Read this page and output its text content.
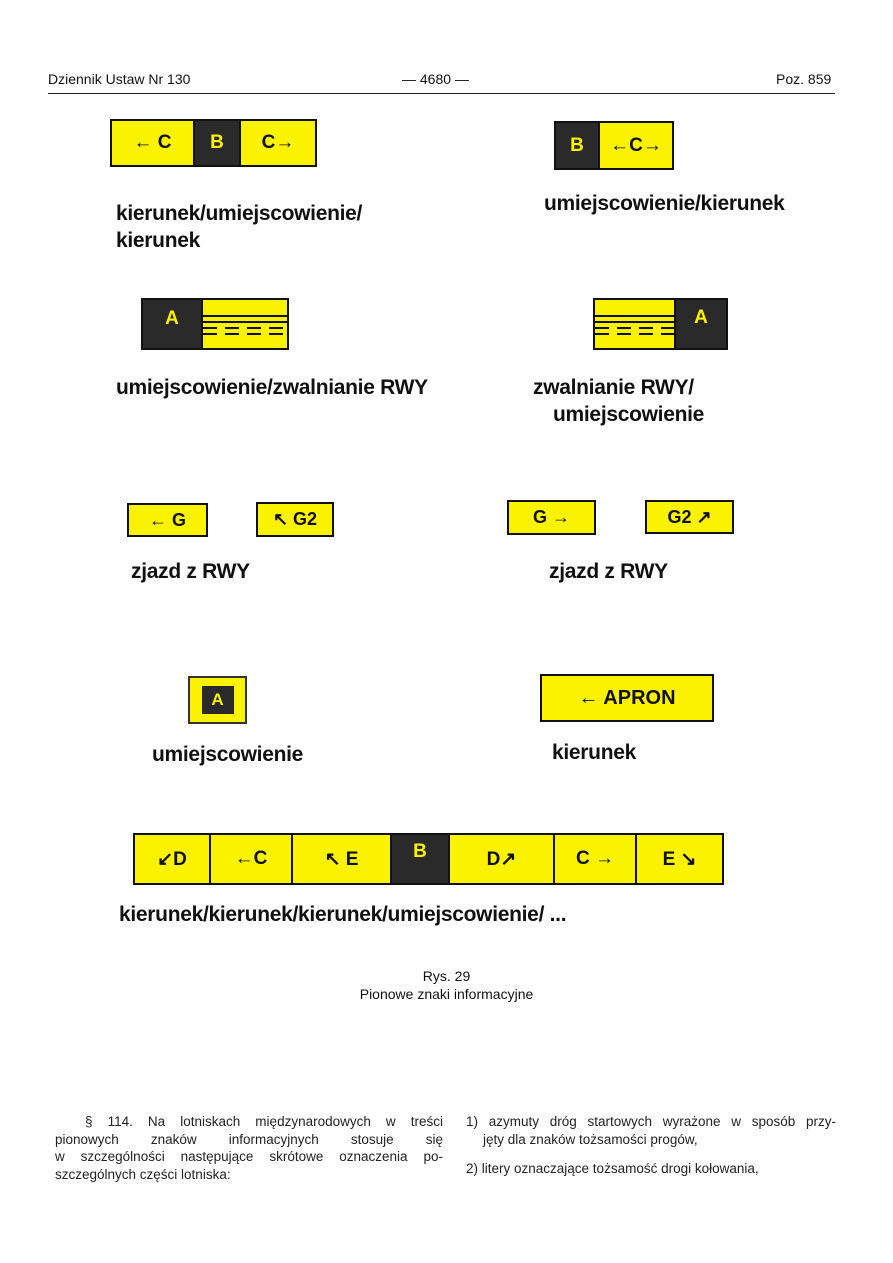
Dziennik Ustaw Nr 130	— 4680 —	Poz. 859
← C	B	C→
kierunek/umiejscowienie/
kierunek
B	←C→
umiejscowienie/kierunek
A
umiejscowienie/zwalnianie RWY
A
zwalnianie RWY/
umiejscowienie
← G	↖ G2
zjazd z RWY
G →	G2 ↗
zjazd z RWY
A
umiejscowienie
← APRON
kierunek
↙D	←C	↖ E	B	D↗	C →	E ↘
kierunek/kierunek/kierunek/umiejscowienie/ ...
Rys. 29
Pionowe znaki informacyjne
§ 114. Na lotniskach międzynarodowych w treści
pionowych znaków informacyjnych stosuje się
w szczególności następujące skrótowe oznaczenia po-
szczególnych części lotniska:
1) azymuty dróg startowych wyrażone w sposób przy-
jęty dla znaków tożsamości progów,
2) litery oznaczające tożsamość drogi kołowania,
